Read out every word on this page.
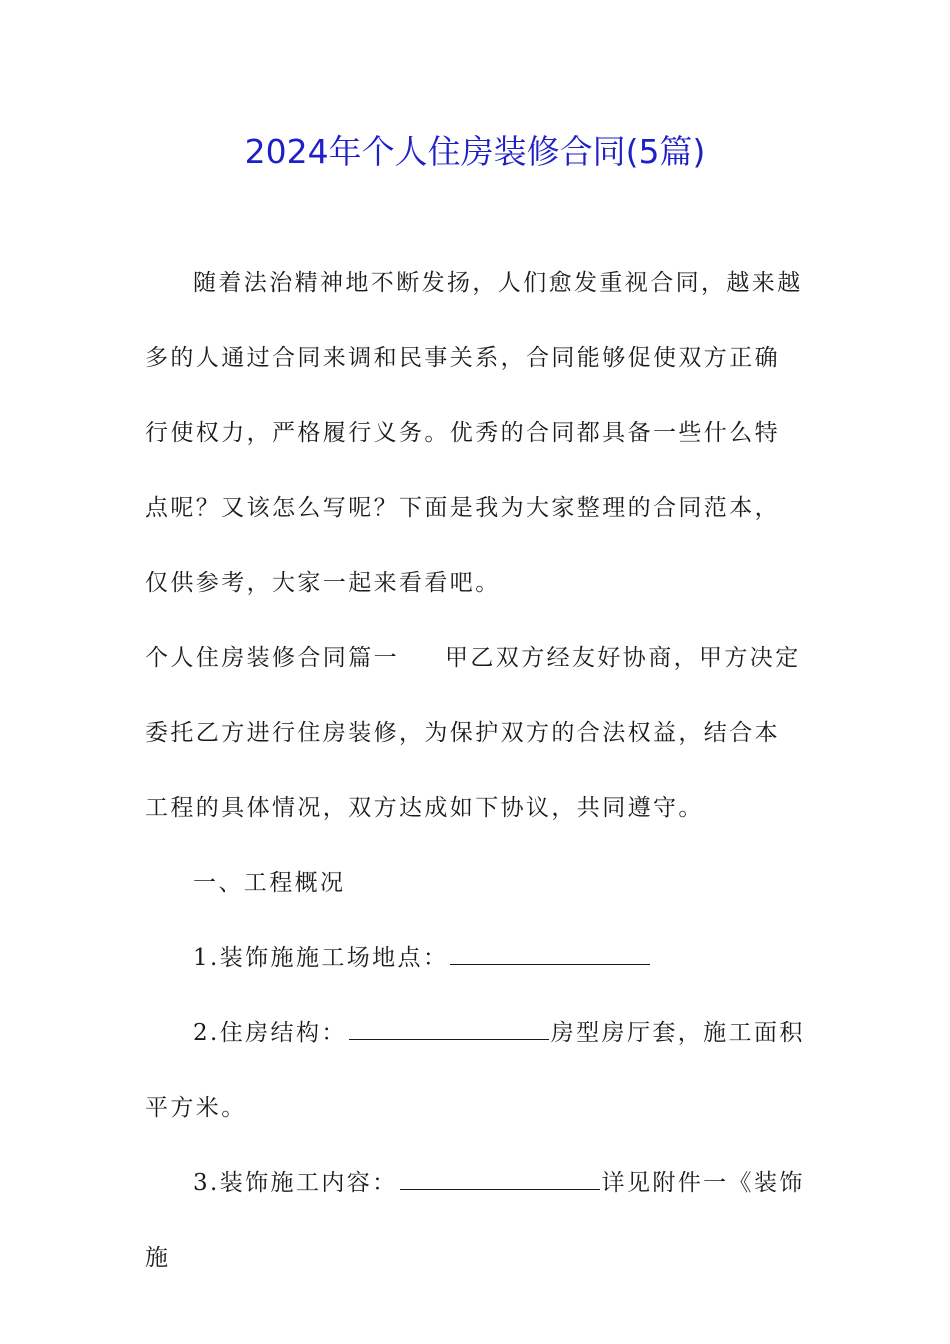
2024年个人住房装修合同(5篇)

随着法治精神地不断发扬，人们愈发重视合同，越来越多的人通过合同来调和民事关系，合同能够促使双方正确行使权力，严格履行义务。优秀的合同都具备一些什么特点呢？又该怎么写呢？下面是我为大家整理的合同范本，仅供参考，大家一起来看看吧。

个人住房装修合同篇一 甲乙双方经友好协商，甲方决定委托乙方进行住房装修，为保护双方的合法权益，结合本工程的具体情况，双方达成如下协议，共同遵守。

一、工程概况

1.装饰施施工场地点：

2.住房结构：	房型房厅套，施工面积平方米。

3.装饰施工内容：	详见附件一《装饰施
